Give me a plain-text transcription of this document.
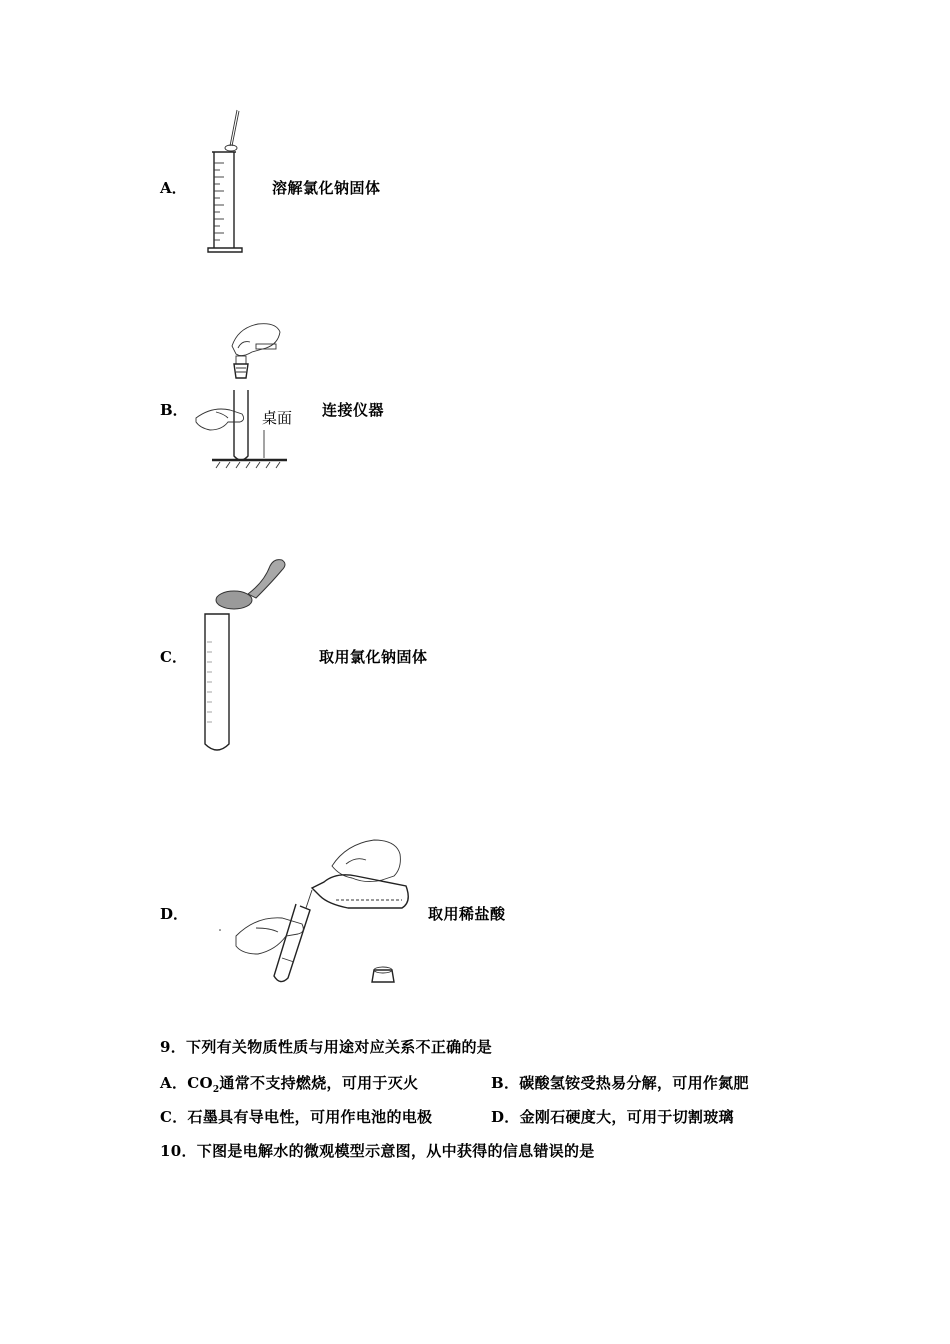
A．	溶解氯化钠固体
B．	桌面 连接仪器
C．	取用氯化钠固体
D．	取用稀盐酸
9．下列有关物质性质与用途对应关系不正确的是
A．$CO_2$通常不支持燃烧，可用于灭火	B．碳酸氢铵受热易分解，可用作氮肥
C．石墨具有导电性，可用作电池的电极	D．金刚石硬度大，可用于切割玻璃
10．下图是电解水的微观模型示意图，从中获得的信息错误的是
